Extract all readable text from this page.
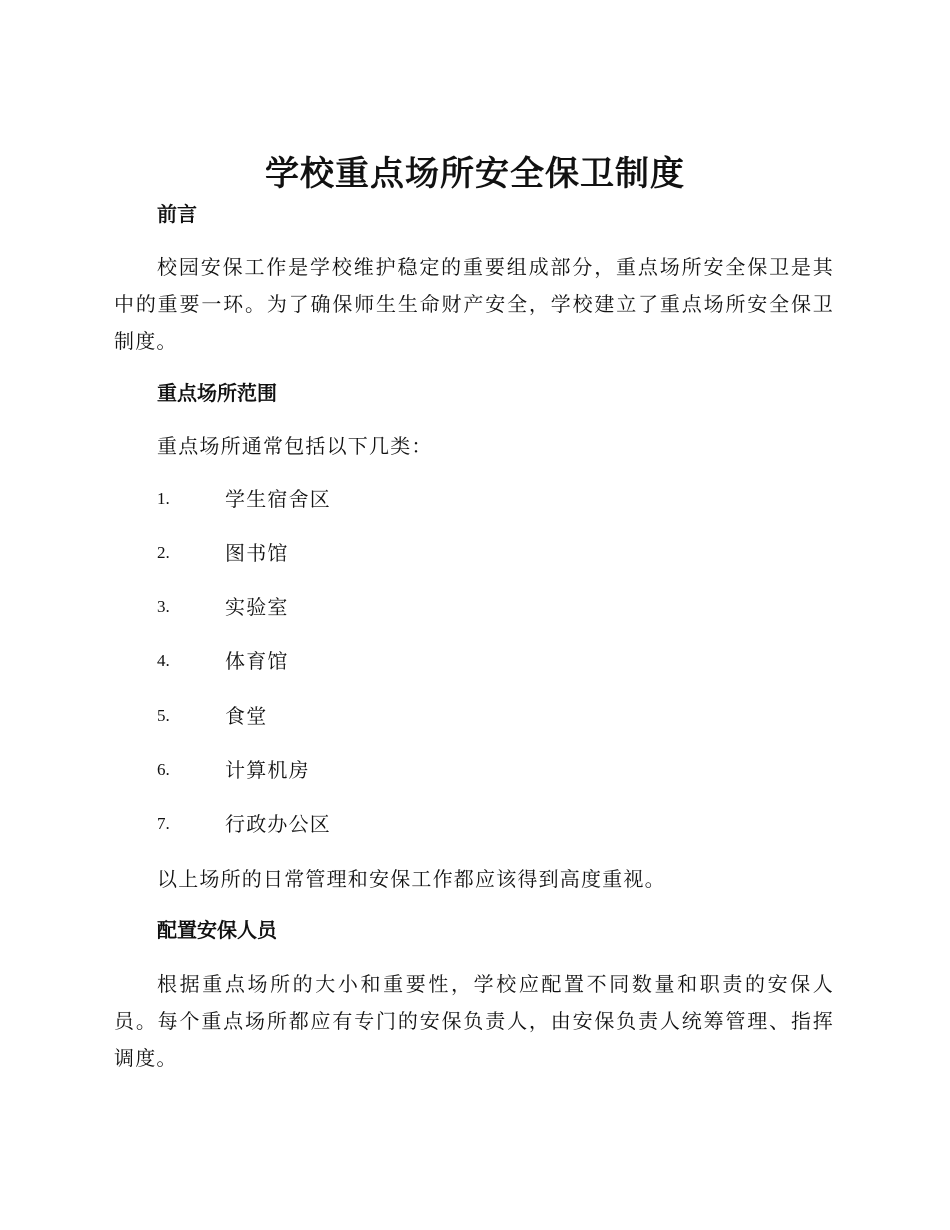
学校重点场所安全保卫制度
前言
校园安保工作是学校维护稳定的重要组成部分，重点场所安全保卫是其中的重要一环。为了确保师生生命财产安全，学校建立了重点场所安全保卫制度。
重点场所范围
重点场所通常包括以下几类：
1.	学生宿舍区
2.	图书馆
3.	实验室
4.	体育馆
5.	食堂
6.	计算机房
7.	行政办公区
以上场所的日常管理和安保工作都应该得到高度重视。
配置安保人员
根据重点场所的大小和重要性，学校应配置不同数量和职责的安保人员。每个重点场所都应有专门的安保负责人，由安保负责人统筹管理、指挥调度。
